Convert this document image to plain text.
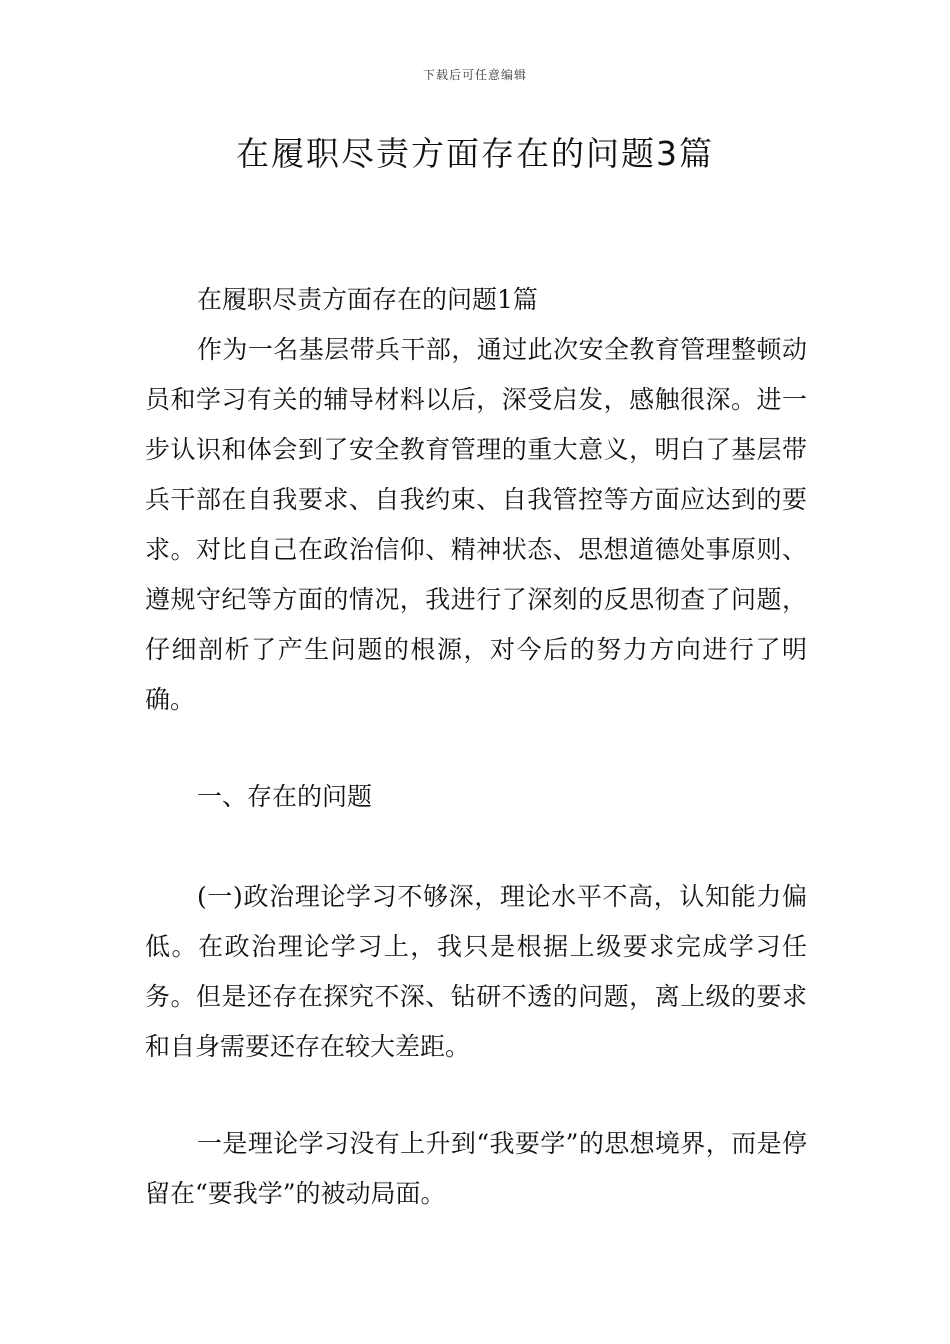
下载后可任意编辑
在履职尽责方面存在的问题3篇

在履职尽责方面存在的问题1篇

作为一名基层带兵干部，通过此次安全教育管理整顿动员和学习有关的辅导材料以后，深受启发，感触很深。进一步认识和体会到了安全教育管理的重大意义，明白了基层带兵干部在自我要求、自我约束、自我管控等方面应达到的要求。对比自己在政治信仰、精神状态、思想道德处事原则、遵规守纪等方面的情况，我进行了深刻的反思彻查了问题，仔细剖析了产生问题的根源，对今后的努力方向进行了明确。

一、存在的问题

(一)政治理论学习不够深，理论水平不高，认知能力偏低。在政治理论学习上，我只是根据上级要求完成学习任务。但是还存在探究不深、钻研不透的问题，离上级的要求和自身需要还存在较大差距。

一是理论学习没有上升到“我要学”的思想境界，而是停留在“要我学”的被动局面。
